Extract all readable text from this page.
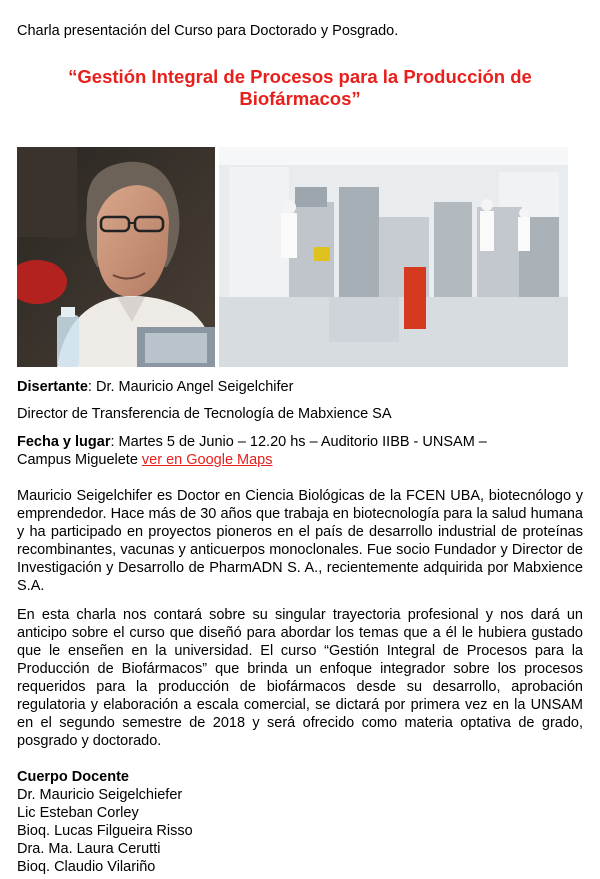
Charla presentación del Curso para Doctorado y Posgrado.
“Gestión Integral de Procesos para la Producción de Biofármacos”
Disertante: Dr. Mauricio Angel Seigelchifer
Director de Transferencia de Tecnología de Mabxience SA
Fecha y lugar: Martes 5 de Junio – 12.20 hs – Auditorio IIBB - UNSAM –
Campus Miguelete ver en Google Maps
Mauricio Seigelchifer es Doctor en Ciencia Biológicas de la FCEN UBA, biotecnólogo y emprendedor. Hace más de 30 años que trabaja en biotecnología para la salud humana y ha participado en proyectos pioneros en el país de desarrollo industrial de proteínas recombinantes, vacunas y anticuerpos monoclonales. Fue socio Fundador y Director de Investigación y Desarrollo de PharmADN S. A., recientemente adquirida por Mabxience S.A.
En esta charla nos contará sobre su singular trayectoria profesional y nos dará un anticipo sobre el curso que diseñó para abordar los temas que a él le hubiera gustado que le enseñen en la universidad. El curso “Gestión Integral de Procesos para la Producción de Biofármacos” que brinda un enfoque integrador sobre los procesos requeridos para la producción de biofármacos desde su desarrollo, aprobación regulatoria y elaboración a escala comercial, se dictará por primera vez en la UNSAM en el segundo semestre de 2018 y será ofrecido como materia optativa de grado, posgrado y doctorado.
Cuerpo Docente
Dr. Mauricio Seigelchiefer
Lic Esteban Corley
Bioq. Lucas Filgueira Risso
Dra. Ma. Laura Cerutti
Bioq. Claudio Vilariño
